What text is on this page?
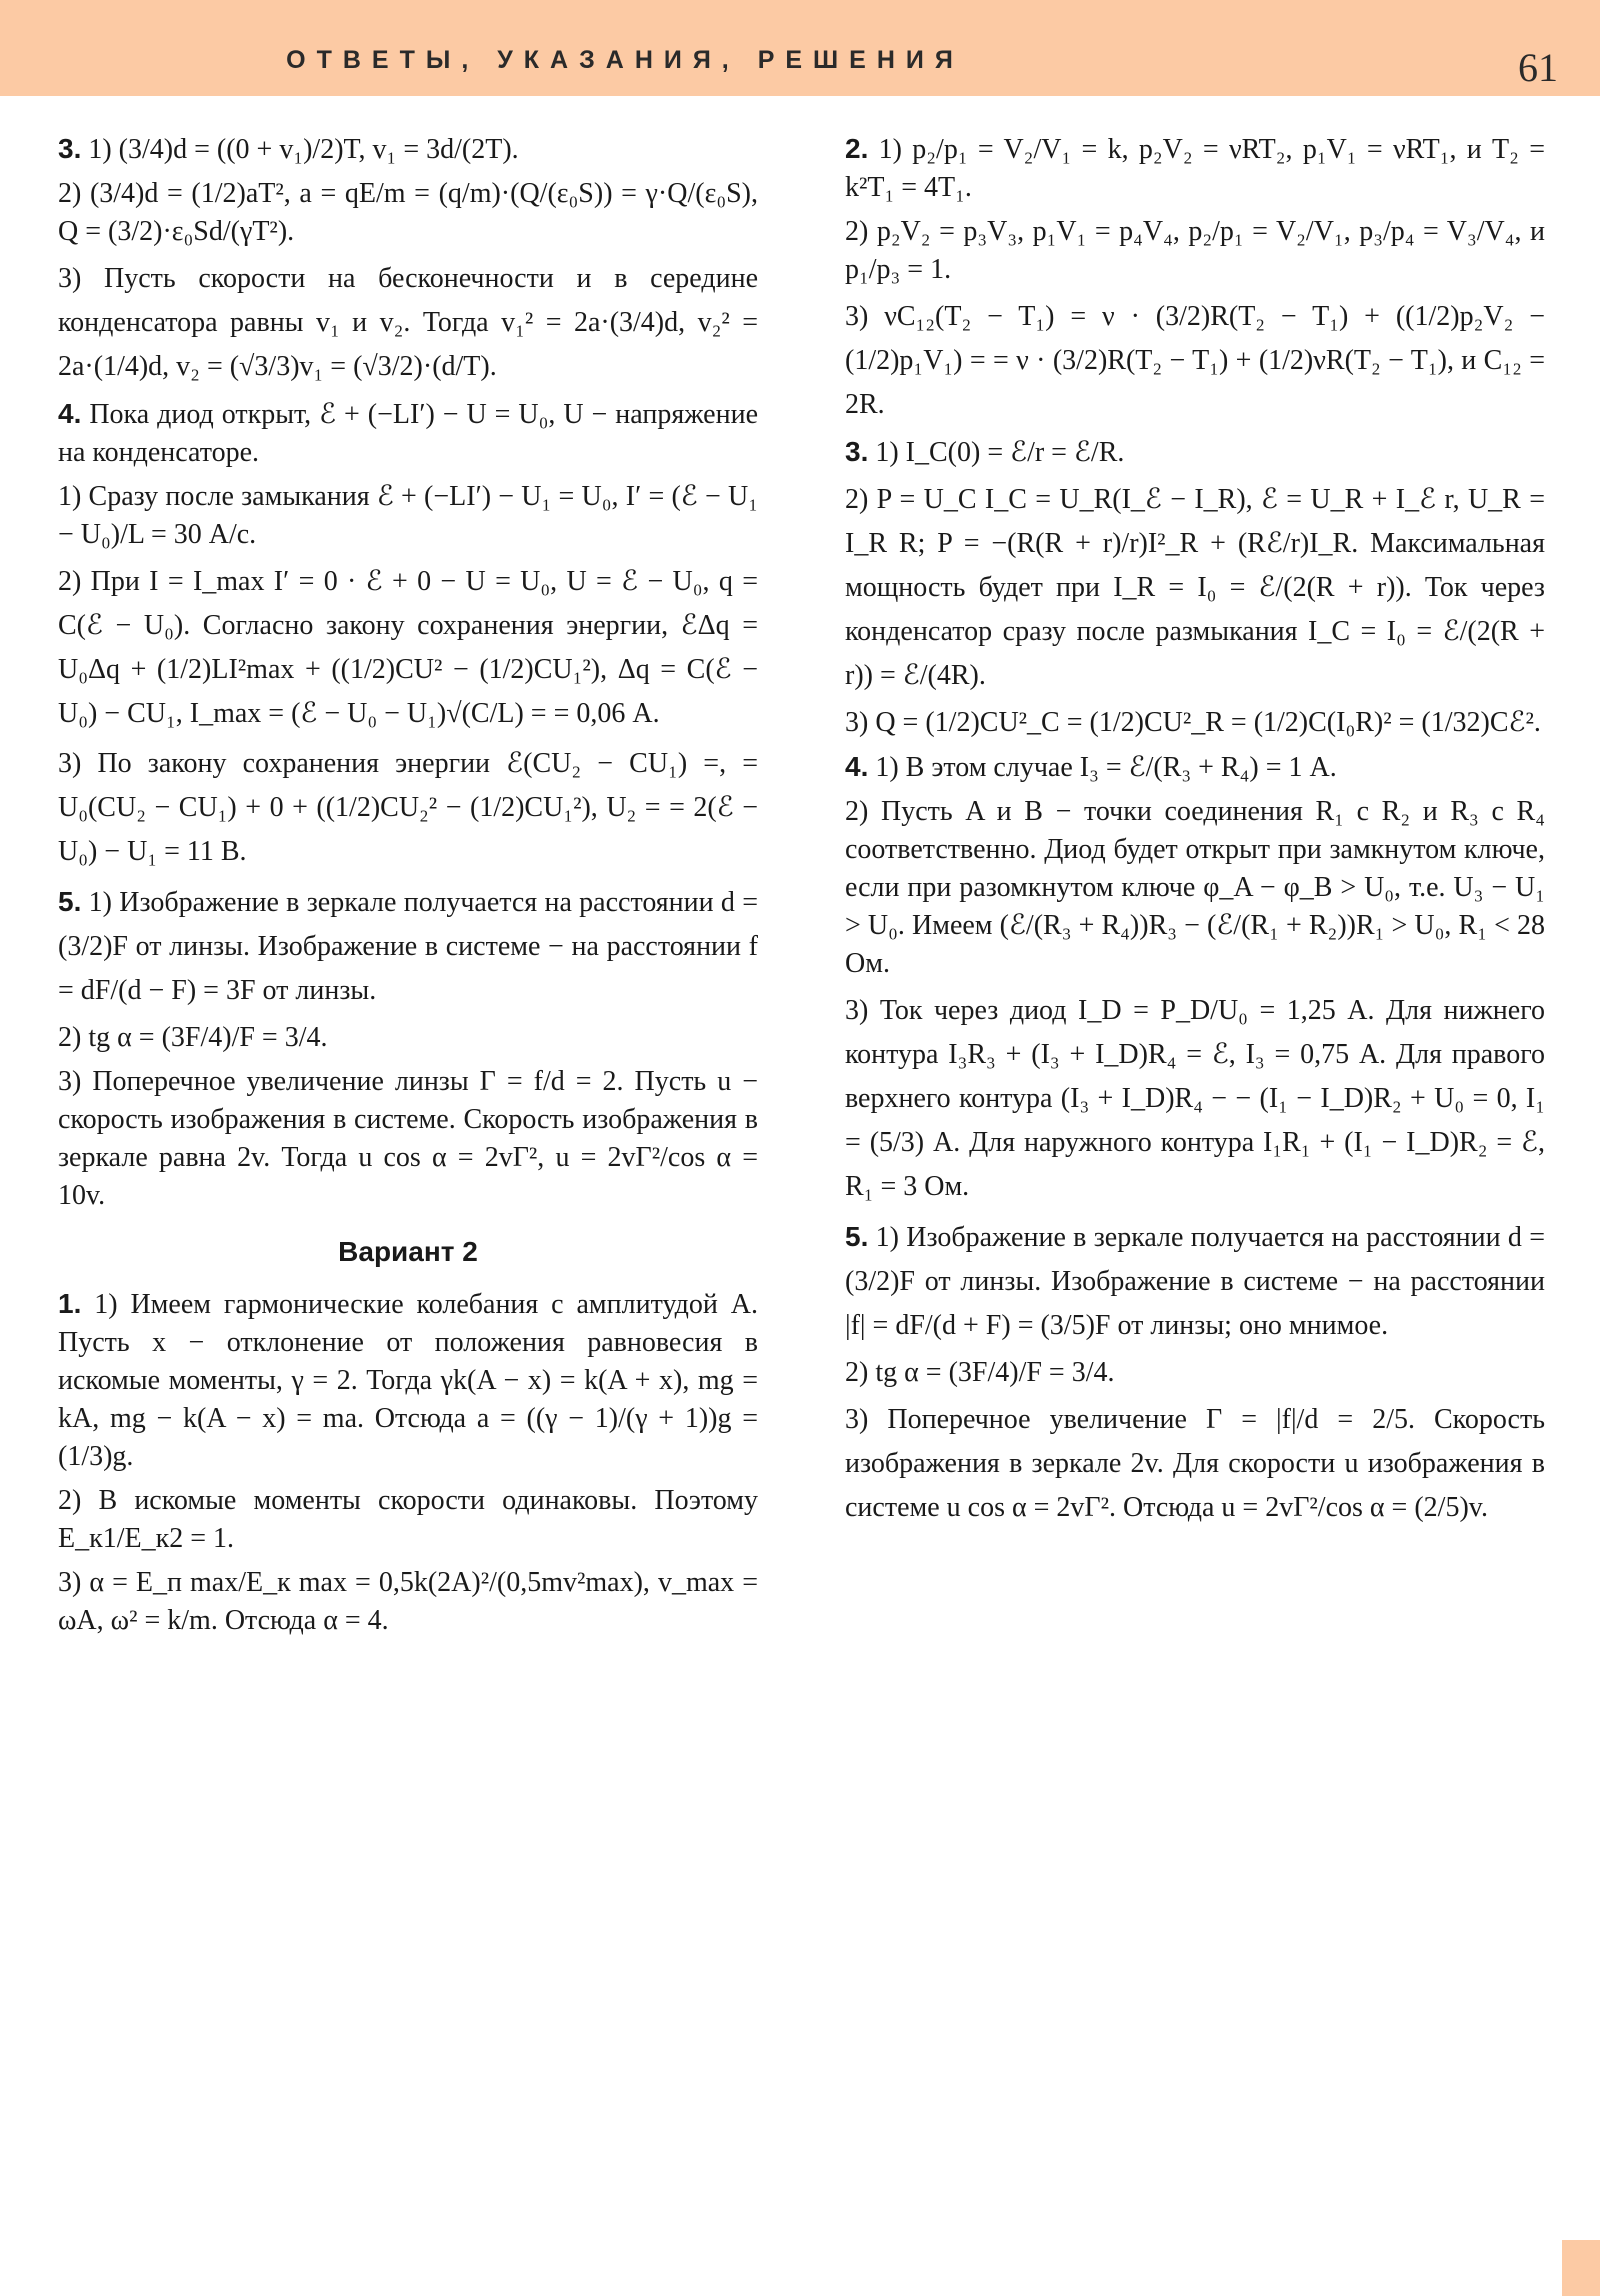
ОТВЕТЫ, УКАЗАНИЯ, РЕШЕНИЯ	61

3. 1) (3/4)d = ((0 + v₁)/2)T, v₁ = 3d/(2T).

2) (3/4)d = (1/2)aT², a = qE/m = (q/m)·(Q/(ε₀S)) = γ·Q/(ε₀S), Q = (3/2)·ε₀Sd/(γT²).

3) Пусть скорости на бесконечности и в середине конденсатора равны v₁ и v₂. Тогда v₁² = 2a·(3/4)d, v₂² = 2a·(1/4)d, v₂ = (√3/3)v₁ = (√3/2)·(d/T).

4. Пока диод открыт, ℰ + (−LI′) − U = U₀, U − напряжение на конденсаторе.

1) Сразу после замыкания ℰ + (−LI′) − U₁ = U₀, I′ = (ℰ − U₁ − U₀)/L = 30 А/с.

2) При I = I_max I′ = 0 · ℰ + 0 − U = U₀, U = ℰ − U₀, q = C(ℰ − U₀). Согласно закону сохранения энергии, ℰΔq = U₀Δq + (1/2)LI²max + ((1/2)CU² − (1/2)CU₁²), Δq = C(ℰ − U₀) − CU₁, I_max = (ℰ − U₀ − U₁)√(C/L) = = 0,06 А.

3) По закону сохранения энергии ℰ(CU₂ − CU₁) =, = U₀(CU₂ − CU₁) + 0 + ((1/2)CU₂² − (1/2)CU₁²), U₂ = = 2(ℰ − U₀) − U₁ = 11 В.

5. 1) Изображение в зеркале получается на расстоянии d = (3/2)F от линзы. Изображение в системе − на расстоянии f = dF/(d − F) = 3F от линзы.

2) tg α = (3F/4)/F = 3/4.

3) Поперечное увеличение линзы Γ = f/d = 2. Пусть u − скорость изображения в системе. Скорость изображения в зеркале равна 2v. Тогда u cos α = 2vΓ², u = 2vΓ²/cos α = 10v.

Вариант 2

1. 1) Имеем гармонические колебания с амплитудой A. Пусть x − отклонение от положения равновесия в искомые моменты, γ = 2. Тогда γk(A − x) = k(A + x), mg = kA, mg − k(A − x) = ma. Отсюда a = ((γ − 1)/(γ + 1))g = (1/3)g.

2) В искомые моменты скорости одинаковы. Поэтому E_к1/E_к2 = 1.

3) α = E_п max/E_к max = 0,5k(2A)²/(0,5mv²max), v_max = ωA, ω² = k/m. Отсюда α = 4.

2. 1) p₂/p₁ = V₂/V₁ = k, p₂V₂ = νRT₂, p₁V₁ = νRT₁, и T₂ = k²T₁ = 4T₁.

2) p₂V₂ = p₃V₃, p₁V₁ = p₄V₄, p₂/p₁ = V₂/V₁, p₃/p₄ = V₃/V₄, и p₁/p₃ = 1.

3) νC₁₂(T₂ − T₁) = ν · (3/2)R(T₂ − T₁) + ((1/2)p₂V₂ − (1/2)p₁V₁) = = ν · (3/2)R(T₂ − T₁) + (1/2)νR(T₂ − T₁), и C₁₂ = 2R.

3. 1) I_C(0) = ℰ/r = ℰ/R.

2) P = U_C I_C = U_R(I_ℰ − I_R), ℰ = U_R + I_ℰ r, U_R = I_R R; P = −(R(R + r)/r)I²_R + (Rℰ/r)I_R. Максимальная мощность будет при I_R = I₀ = ℰ/(2(R + r)). Ток через конденсатор сразу после размыкания I_C = I₀ = ℰ/(2(R + r)) = ℰ/(4R).

3) Q = (1/2)CU²_C = (1/2)CU²_R = (1/2)C(I₀R)² = (1/32)Cℰ².

4. 1) В этом случае I₃ = ℰ/(R₃ + R₄) = 1 А.

2) Пусть A и B − точки соединения R₁ с R₂ и R₃ с R₄ соответственно. Диод будет открыт при замкнутом ключе, если при разомкнутом ключе φ_A − φ_B > U₀, т.е. U₃ − U₁ > U₀. Имеем (ℰ/(R₃ + R₄))R₃ − (ℰ/(R₁ + R₂))R₁ > U₀, R₁ < 28 Ом.

3) Ток через диод I_D = P_D/U₀ = 1,25 А. Для нижнего контура I₃R₃ + (I₃ + I_D)R₄ = ℰ, I₃ = 0,75 А. Для правого верхнего контура (I₃ + I_D)R₄ − − (I₁ − I_D)R₂ + U₀ = 0, I₁ = (5/3) А. Для наружного контура I₁R₁ + (I₁ − I_D)R₂ = ℰ, R₁ = 3 Ом.

5. 1) Изображение в зеркале получается на расстоянии d = (3/2)F от линзы. Изображение в системе − на расстоянии |f| = dF/(d + F) = (3/5)F от линзы; оно мнимое.

2) tg α = (3F/4)/F = 3/4.

3) Поперечное увеличение Γ = |f|/d = 2/5. Скорость изображения в зеркале 2v. Для скорости u изображения в системе u cos α = 2vΓ². Отсюда u = 2vΓ²/cos α = (2/5)v.
